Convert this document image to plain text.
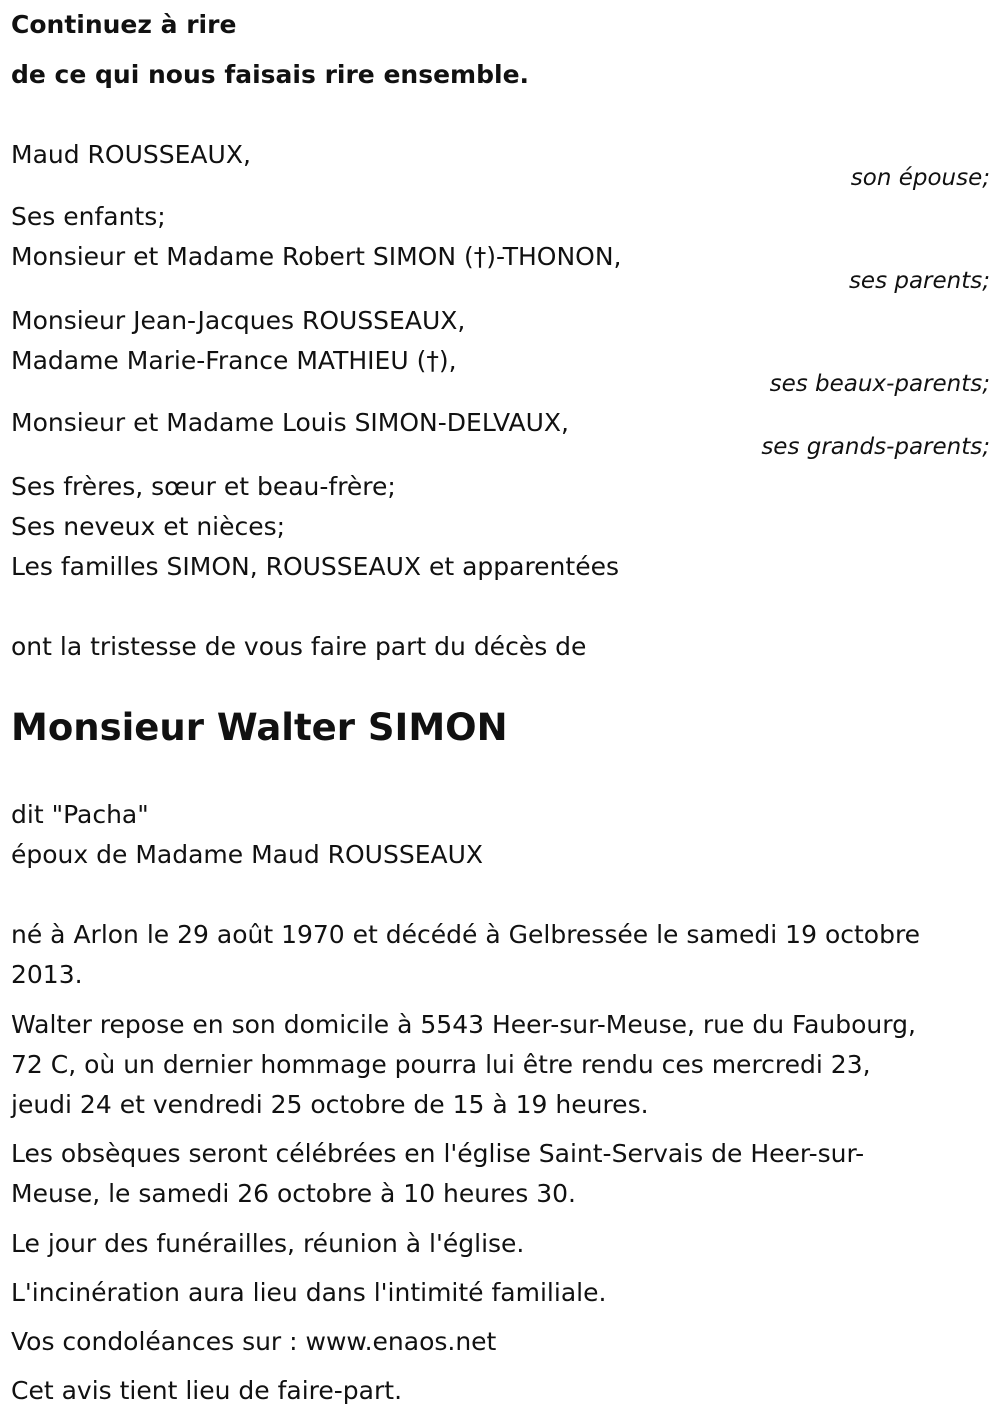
Continuez à rire
de ce qui nous faisais rire ensemble.
Maud ROUSSEAUX,
son épouse;
Ses enfants;
Monsieur et Madame Robert SIMON (†)-THONON,
ses parents;
Monsieur Jean-Jacques ROUSSEAUX,
Madame Marie-France MATHIEU (†),
ses beaux-parents;
Monsieur et Madame Louis SIMON-DELVAUX,
ses grands-parents;
Ses frères, sœur et beau-frère;
Ses neveux et nièces;
Les familles SIMON, ROUSSEAUX et apparentées
ont la tristesse de vous faire part du décès de
Monsieur Walter SIMON
dit "Pacha"
époux de Madame Maud ROUSSEAUX
né à Arlon le 29 août 1970 et décédé à Gelbressée le samedi 19 octobre
2013.
Walter repose en son domicile à 5543 Heer-sur-Meuse, rue du Faubourg,
72 C, où un dernier hommage pourra lui être rendu ces mercredi 23,
jeudi 24 et vendredi 25 octobre de 15 à 19 heures.
Les obsèques seront célébrées en l'église Saint-Servais de Heer-sur-
Meuse, le samedi 26 octobre à 10 heures 30.
Le jour des funérailles, réunion à l'église.
L'incinération aura lieu dans l'intimité familiale.
Vos condoléances sur : www.enaos.net
Cet avis tient lieu de faire-part.
